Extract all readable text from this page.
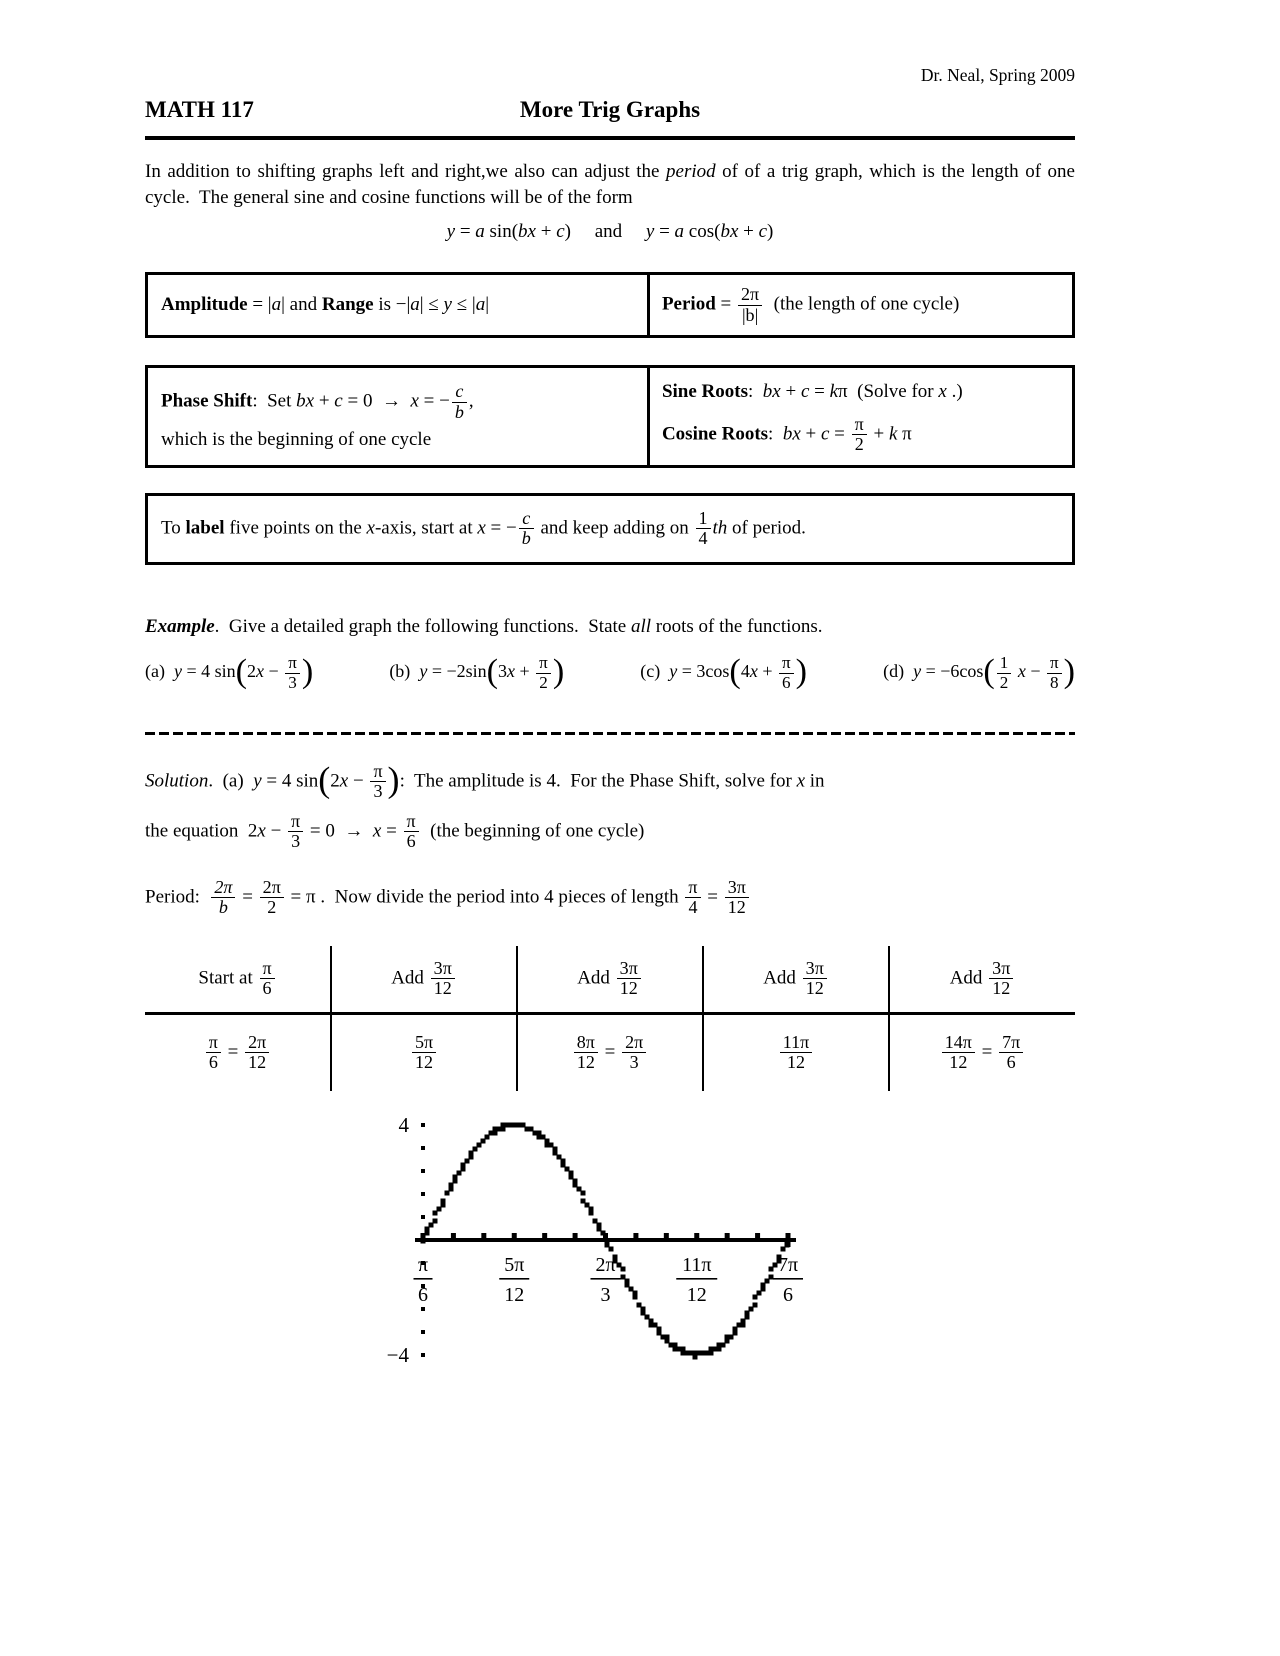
Dr. Neal, Spring 2009
MATH 117	More Trig Graphs
In addition to shifting graphs left and right,we also can adjust the period of of a trig graph, which is the length of one cycle.  The general sine and cosine functions will be of the form
y = a sin(bx + c)     and     y = a cos(bx + c)
Amplitude = |a| and Range is −|a| ≤ y ≤ |a|	Period = $\frac{2\pi}{|b|} (the$ length of one cycle)
Phase Shift:  Set bx + c = 0  →  x = − $\frac{c}{b}$ ,
which is the beginning of one cycle
Sine Roots:  bx + c = kπ  (Solve for x .)
Cosine Roots:  bx + $c = \frac{\pi}{2} + k$ π
To label five points on the x-axis, start at x = − $\frac{c}{b}$ and keep adding on $\frac{1}{4}$ th of period.
Example.  Give a detailed graph the following functions.  State all roots of the functions.
(a)  y = 4 $\sin(2x - \frac{\pi}{3}$ )	(b)  $y = -2\sin(3x + \frac{\pi}{2}$ )	(c)  $y = 3\cos(4x + \frac{\pi}{6}$ )	(d)  $y = -6\cos( \frac{1}{2}$ $x - \frac{\pi}{8}$ )
Solution.  (a)  y = 4 $\sin(2x - \frac{\pi}{3}$ ):  The amplitude is 4.  For the Phase Shift, solve for x in
the equation  $2x - \frac{\pi}{3} = 0 \to x = \frac{\pi}{6} (the$ beginning of one cycle)
Period: $\frac{2\pi}{b} = \frac{2\pi}{2} = \pi$ .  Now divide the period into 4 pieces of length $\frac{\pi}{4} = \frac{3\pi}{12}$
Start at $\frac{\pi}{6}$	Add $\frac{3\pi}{12}$	Add $\frac{3\pi}{12}$	Add $\frac{3\pi}{12}$	Add $\frac{3\pi}{12}$

$\frac{\pi}{6} = \frac{2\pi}{12}$	$\frac{5\pi}{12}$	$\frac{8\pi}{12} = \frac{2\pi}{3}$	$\frac{11\pi}{12}$	$\frac{14\pi}{12} = \frac{7\pi}{6}$
4
−4
π
6
5π
12
2π
3
11π
12
7π
6
